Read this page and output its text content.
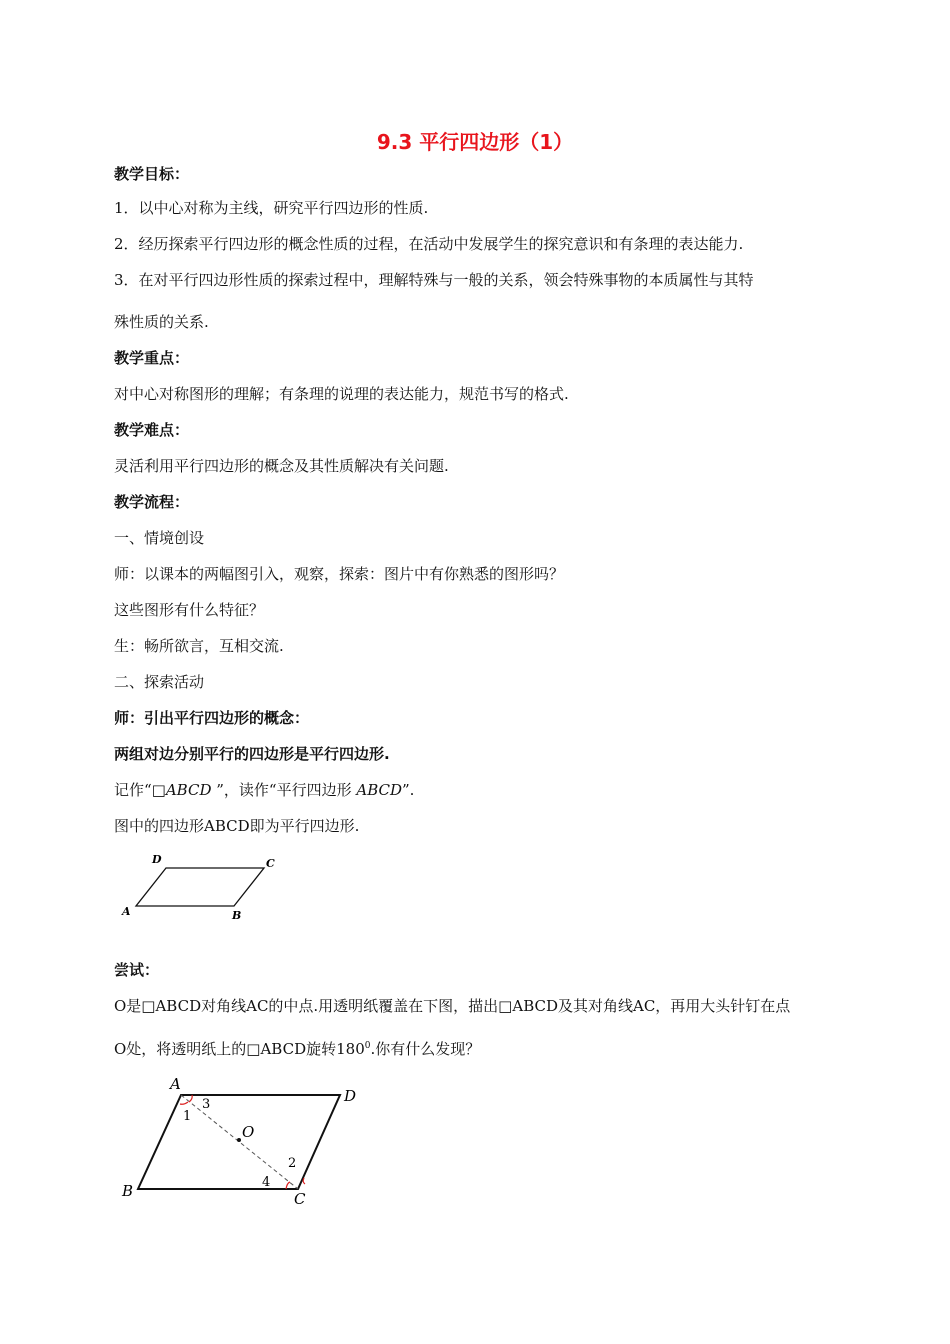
9.3 平行四边形（1）
教学目标：
1．以中心对称为主线，研究平行四边形的性质.
2．经历探索平行四边形的概念性质的过程，在活动中发展学生的探究意识和有条理的表达能力.
3．在对平行四边形性质的探索过程中，理解特殊与一般的关系，领会特殊事物的本质属性与其特
殊性质的关系.
教学重点：
对中心对称图形的理解；有条理的说理的表达能力，规范书写的格式.
教学难点：
灵活利用平行四边形的概念及其性质解决有关问题.
教学流程：
一、情境创设
师：以课本的两幅图引入，观察，探索：图片中有你熟悉的图形吗？
这些图形有什么特征？
生：畅所欲言，互相交流.
二、探索活动
师：引出平行四边形的概念：
两组对边分别平行的四边形是平行四边形.
记作“□ABCD ”，读作“平行四边形 ABCD”.
图中的四边形ABCD即为平行四边形.
A	B
C
D
尝试：
O是□ABCD对角线AC的中点.用透明纸覆盖在下图，描出□ABCD及其对角线AC，再用大头针钉在点
O处，将透明纸上的□ABCD旋转$180^0$.你有什么发现？
A
B	C
D
O
1
2
3
4
